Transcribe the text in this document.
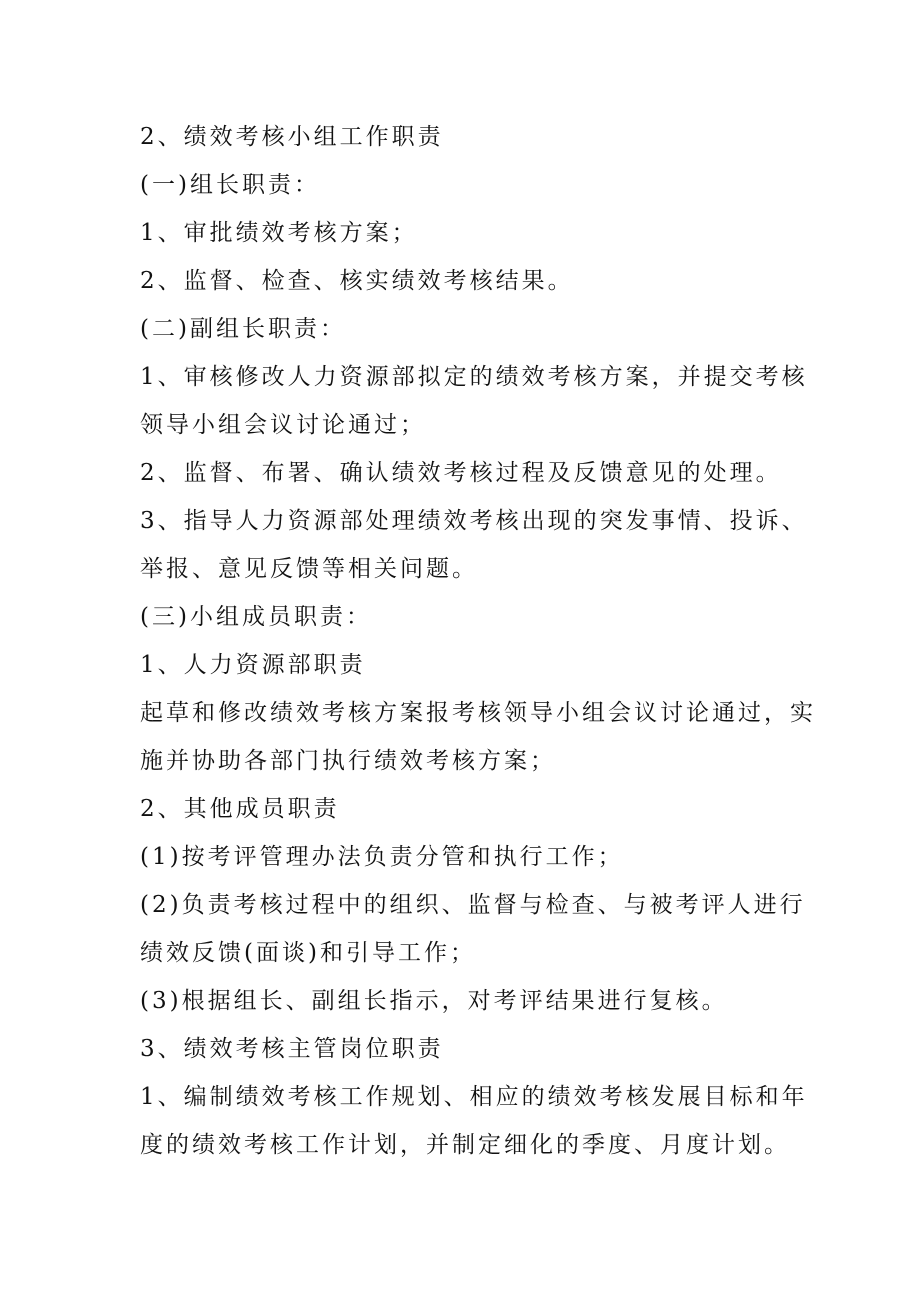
2、绩效考核小组工作职责
(一)组长职责：
1、审批绩效考核方案；
2、监督、检查、核实绩效考核结果。
(二)副组长职责：
1、审核修改人力资源部拟定的绩效考核方案，并提交考核
领导小组会议讨论通过；
2、监督、布署、确认绩效考核过程及反馈意见的处理。
3、指导人力资源部处理绩效考核出现的突发事情、投诉、
举报、意见反馈等相关问题。
(三)小组成员职责：
1、人力资源部职责
起草和修改绩效考核方案报考核领导小组会议讨论通过，实
施并协助各部门执行绩效考核方案；
2、其他成员职责
(1)按考评管理办法负责分管和执行工作；
(2)负责考核过程中的组织、监督与检查、与被考评人进行
绩效反馈(面谈)和引导工作；
(3)根据组长、副组长指示，对考评结果进行复核。
3、绩效考核主管岗位职责
1、编制绩效考核工作规划、相应的绩效考核发展目标和年
度的绩效考核工作计划，并制定细化的季度、月度计划。
